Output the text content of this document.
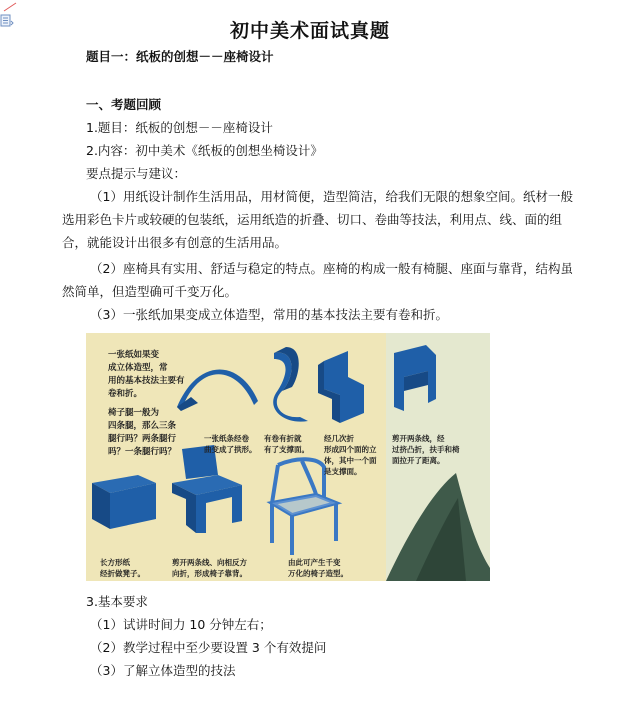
初中美术面试真题
题目一：纸板的创想－－座椅设计
一、考题回顾
1.题目：纸板的创想－－座椅设计
2.内容：初中美术《纸板的创想坐椅设计》
要点提示与建议：
（1）用纸设计制作生活用品，用材简便，造型简洁，给我们无限的想象空间。纸材一般
选用彩色卡片或较硬的包装纸，运用纸造的折叠、切口、卷曲等技法，利用点、线、面的组
合，就能设计出很多有创意的生活用品。
（2）座椅具有实用、舒适与稳定的特点。座椅的构成一般有椅腿、座面与靠背，结构虽
然简单，但造型确可千变万化。
（3）一张纸加果变成立体造型，常用的基本技法主要有卷和折。
一张纸如果变
成立体造型，常
用的基本技法主要有
卷和折。
椅子腿一般为
四条腿，那么三条
腿行吗？两条腿行
吗？一条腿行吗？
一张纸条经卷
曲变成了拱形。
有卷有折就
有了支撑面。
经几次折
形成四个面的立
体，其中一个面
是支撑面。
剪开两条线，经
过挤凸折，扶手和椅
面拉开了距离。
长方形纸
经折做凳子。
剪开两条线、向相反方
向折，形成椅子靠背。
由此可产生千变
万化的椅子造型。
3.基本要求
（1）试讲时间力 10 分钟左右；
（2）教学过程中至少要设置 3 个有效提问
（3）了解立体造型的技法
